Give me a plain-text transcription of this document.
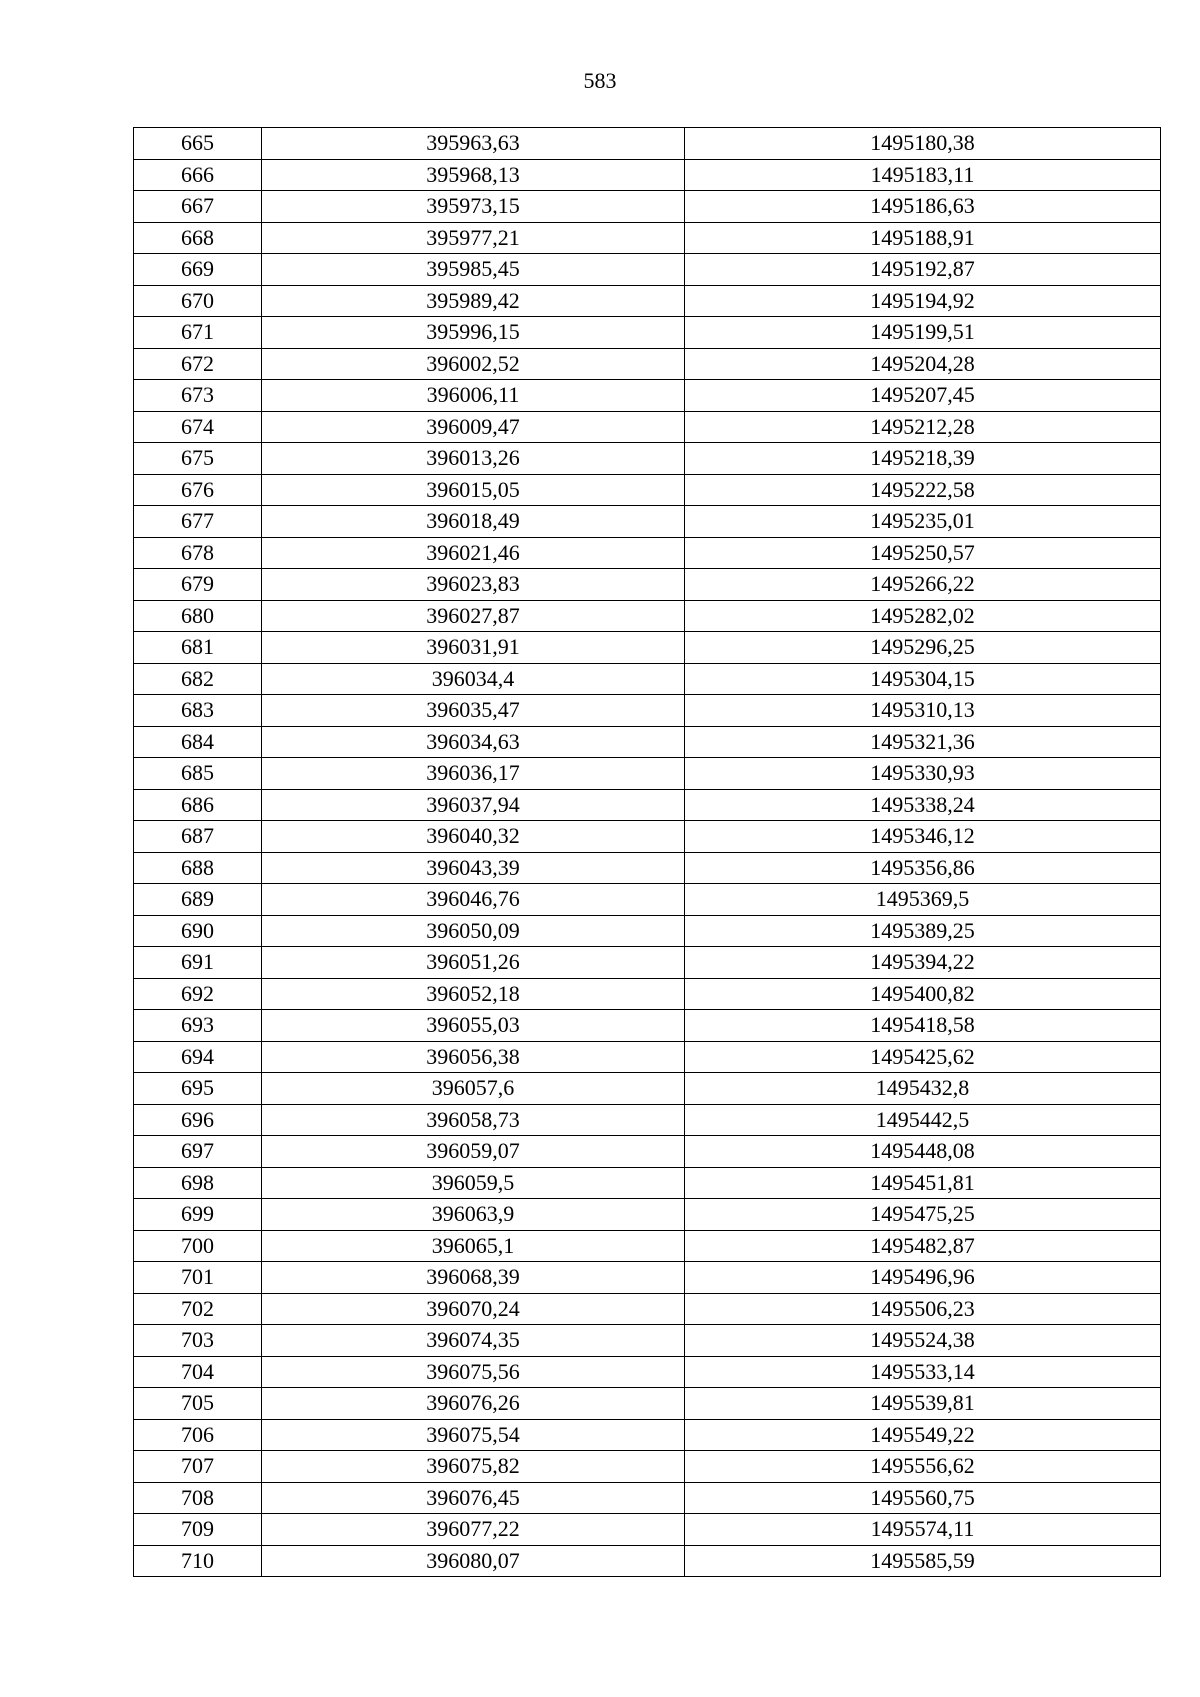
583
665	395963,63	1495180,38
666	395968,13	1495183,11
667	395973,15	1495186,63
668	395977,21	1495188,91
669	395985,45	1495192,87
670	395989,42	1495194,92
671	395996,15	1495199,51
672	396002,52	1495204,28
673	396006,11	1495207,45
674	396009,47	1495212,28
675	396013,26	1495218,39
676	396015,05	1495222,58
677	396018,49	1495235,01
678	396021,46	1495250,57
679	396023,83	1495266,22
680	396027,87	1495282,02
681	396031,91	1495296,25
682	396034,4	1495304,15
683	396035,47	1495310,13
684	396034,63	1495321,36
685	396036,17	1495330,93
686	396037,94	1495338,24
687	396040,32	1495346,12
688	396043,39	1495356,86
689	396046,76	1495369,5
690	396050,09	1495389,25
691	396051,26	1495394,22
692	396052,18	1495400,82
693	396055,03	1495418,58
694	396056,38	1495425,62
695	396057,6	1495432,8
696	396058,73	1495442,5
697	396059,07	1495448,08
698	396059,5	1495451,81
699	396063,9	1495475,25
700	396065,1	1495482,87
701	396068,39	1495496,96
702	396070,24	1495506,23
703	396074,35	1495524,38
704	396075,56	1495533,14
705	396076,26	1495539,81
706	396075,54	1495549,22
707	396075,82	1495556,62
708	396076,45	1495560,75
709	396077,22	1495574,11
710	396080,07	1495585,59
